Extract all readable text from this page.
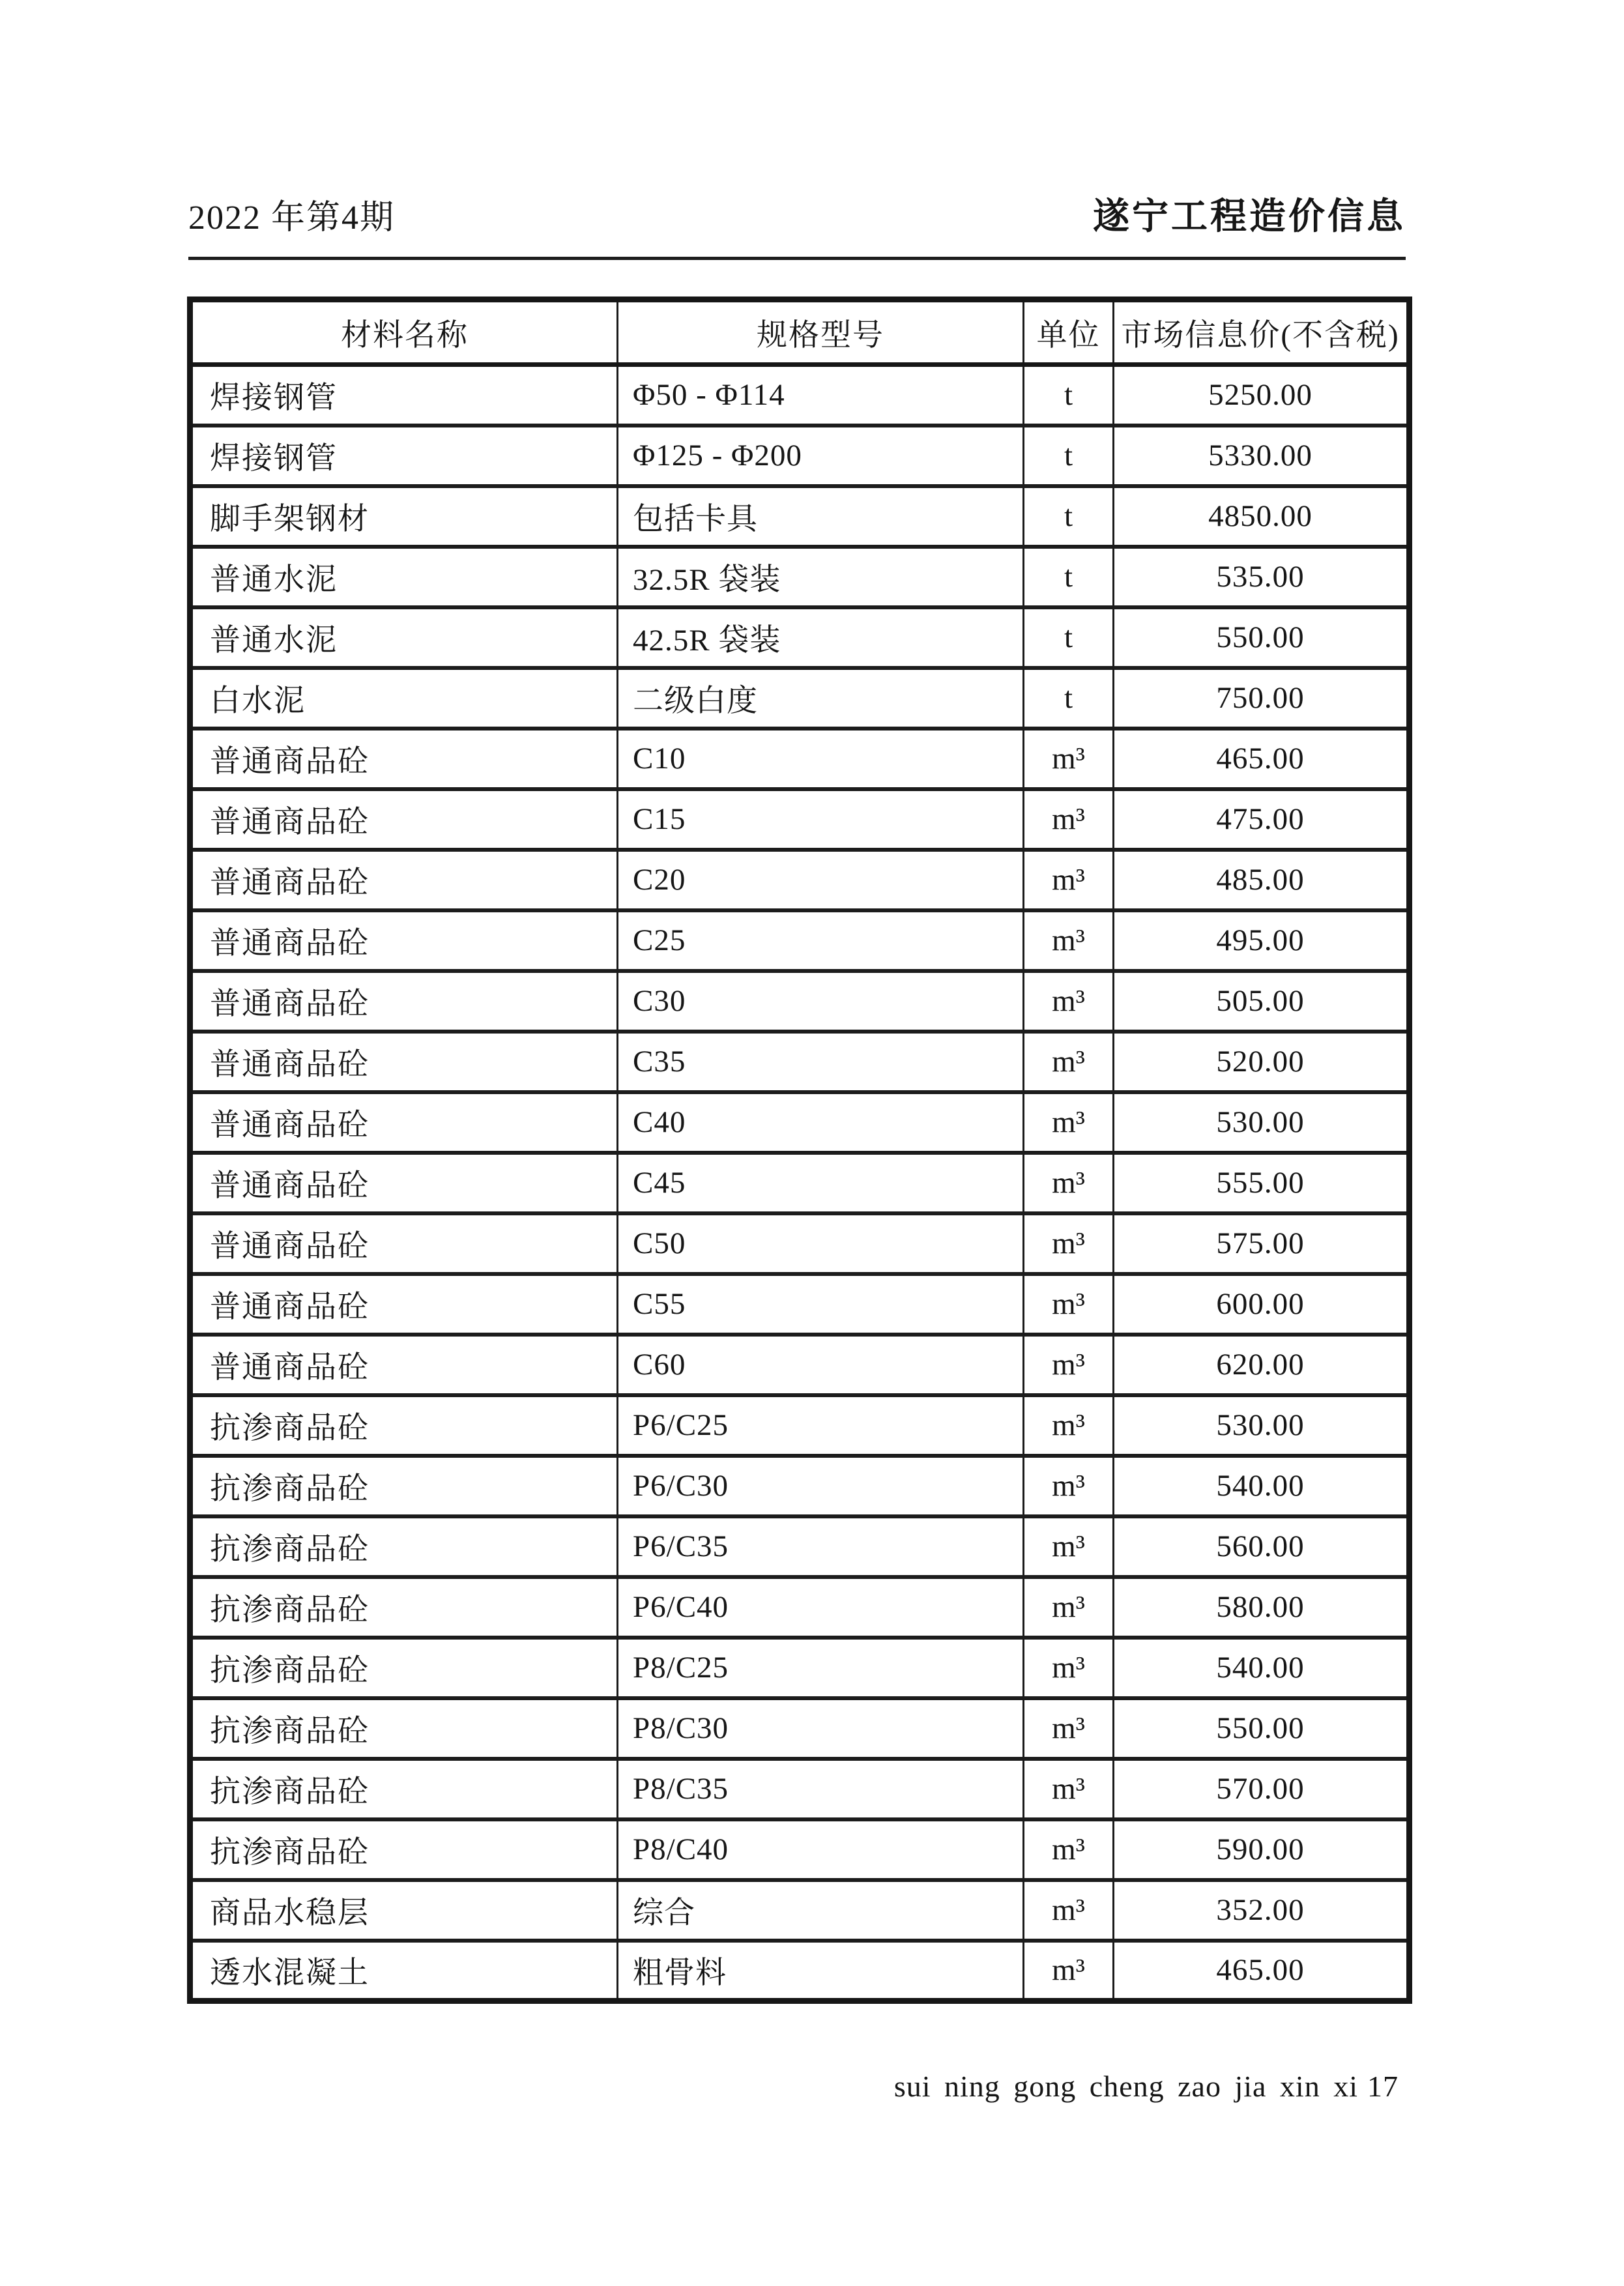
2022 年第4期	遂宁工程造价信息
材料名称	规格型号	单位	市场信息价(不含税)
焊接钢管	Φ50 - Φ114	t	5250.00
焊接钢管	Φ125 - Φ200	t	5330.00
脚手架钢材	包括卡具	t	4850.00
普通水泥	32.5R 袋装	t	535.00
普通水泥	42.5R 袋装	t	550.00
白水泥	二级白度	t	750.00
普通商品砼	C10	m³	465.00
普通商品砼	C15	m³	475.00
普通商品砼	C20	m³	485.00
普通商品砼	C25	m³	495.00
普通商品砼	C30	m³	505.00
普通商品砼	C35	m³	520.00
普通商品砼	C40	m³	530.00
普通商品砼	C45	m³	555.00
普通商品砼	C50	m³	575.00
普通商品砼	C55	m³	600.00
普通商品砼	C60	m³	620.00
抗渗商品砼	P6/C25	m³	530.00
抗渗商品砼	P6/C30	m³	540.00
抗渗商品砼	P6/C35	m³	560.00
抗渗商品砼	P6/C40	m³	580.00
抗渗商品砼	P8/C25	m³	540.00
抗渗商品砼	P8/C30	m³	550.00
抗渗商品砼	P8/C35	m³	570.00
抗渗商品砼	P8/C40	m³	590.00
商品水稳层	综合	m³	352.00
透水混凝土	粗骨料	m³	465.00
sui ning gong cheng zao jia xin xi 17
